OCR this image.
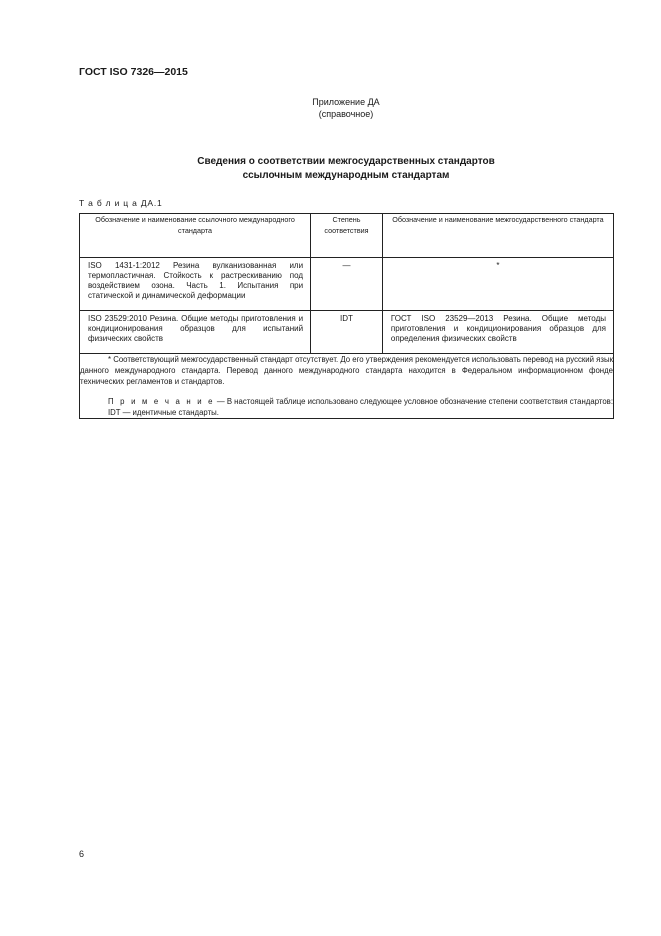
ГОСТ ISO 7326—2015
Приложение ДА
(справочное)
Сведения о соответствии межгосударственных стандартов
ссылочным международным стандартам
Т а б л и ц а ДА.1
Обозначение и наименование ссылочного международного стандарта	Степень соответствия	Обозначение и наименование межгосударственного стандарта

ISO 1431-1:2012 Резина вулканизованная или термопластичная. Стойкость к растрескиванию под воздействием озона. Часть 1. Испытания при статической и динамической деформации	—	*

ISO 23529:2010 Резина. Общие методы приготовления и кондиционирования образцов для испытаний физических свойств	IDT	ГОСТ ISO 23529—2013 Резина. Общие методы приготовления и кондиционирования образцов для определения физических свойств

* Соответствующий межгосударственный стандарт отсутствует. До его утверждения рекомендуется использовать перевод на русский язык данного международного стандарта. Перевод данного международного стандарта находится в Федеральном информационном фонде технических регламентов и стандартов.

П р и м е ч а н и е — В настоящей таблице использовано следующее условное обозначение степени соответствия стандартов:

IDT — идентичные стандарты.		

6
